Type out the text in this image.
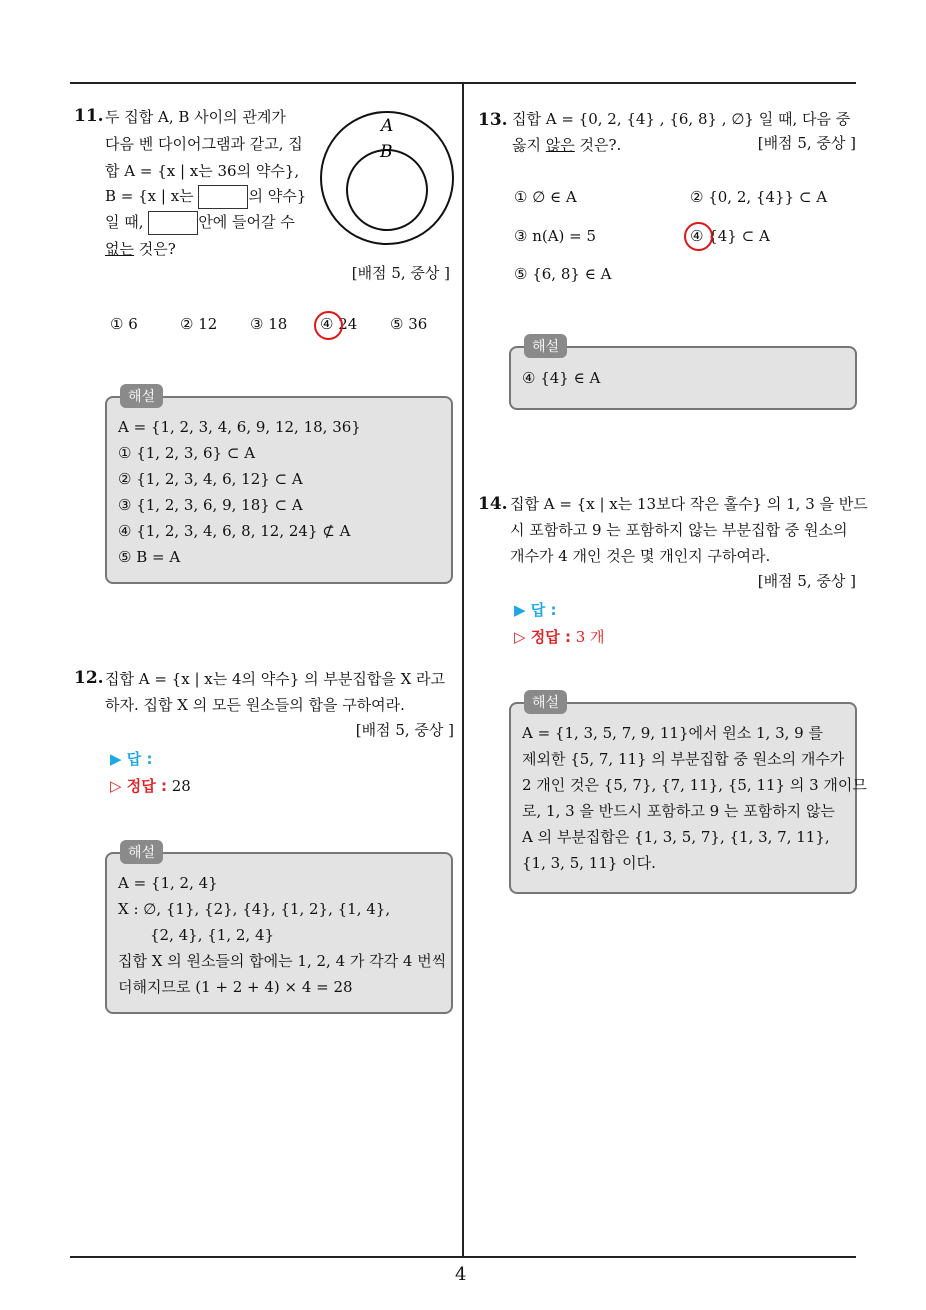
4
11. 두 집합 A, B 사이의 관계가
다음 벤 다이어그램과 같고, 집
합 A = {x | x는 36의 약수},
B = {x | x는	의 약수}
일 때,	안에 들어갈 수
없는 것은?
A
B
[배점 5, 중상 ]
① 6	② 12 ③ 18 ④ 24 ⑤ 36
해설
A = {1, 2, 3, 4, 6, 9, 12, 18, 36}
① {1, 2, 3, 6} ⊂ A
② {1, 2, 3, 4, 6, 12} ⊂ A
③ {1, 2, 3, 6, 9, 18} ⊂ A
④ {1, 2, 3, 4, 6, 8, 12, 24} ⊄ A
⑤ B = A
12. 집합 A = {x | x는 4의 약수} 의 부분집합을 X 라고
하자. 집합 X 의 모든 원소들의 합을 구하여라.
[배점 5, 중상 ]
▶ 답 :
▷ 정답 : 28
해설
A = {1, 2, 4}
X : ∅, {1}, {2}, {4}, {1, 2}, {1, 4},
{2, 4}, {1, 2, 4}
집합 X 의 원소들의 합에는 1, 2, 4 가 각각 4 번씩
더해지므로 (1 + 2 + 4) × 4 = 28
13. 집합 A = {0, 2, {4} , {6, 8} , ∅} 일 때, 다음 중
옳지 않은 것은?.	[배점 5, 중상 ]
① ∅ ∈ A	② {0, 2, {4}} ⊂ A
③ n(A) = 5	④ {4} ⊂ A
⑤ {6, 8} ∈ A
해설
④ {4} ∈ A
14. 집합 A = {x | x는 13보다 작은 홀수} 의 1, 3 을 반드
시 포함하고 9 는 포함하지 않는 부분집합 중 원소의
개수가 4 개인 것은 몇 개인지 구하여라.
[배점 5, 중상 ]
▶ 답 :
▷ 정답 : 3 개
해설
A = {1, 3, 5, 7, 9, 11}에서 원소 1, 3, 9 를
제외한 {5, 7, 11} 의 부분집합 중 원소의 개수가
2 개인 것은 {5, 7}, {7, 11}, {5, 11} 의 3 개이므
로, 1, 3 을 반드시 포함하고 9 는 포함하지 않는
A 의 부분집합은 {1, 3, 5, 7}, {1, 3, 7, 11},
{1, 3, 5, 11} 이다.
